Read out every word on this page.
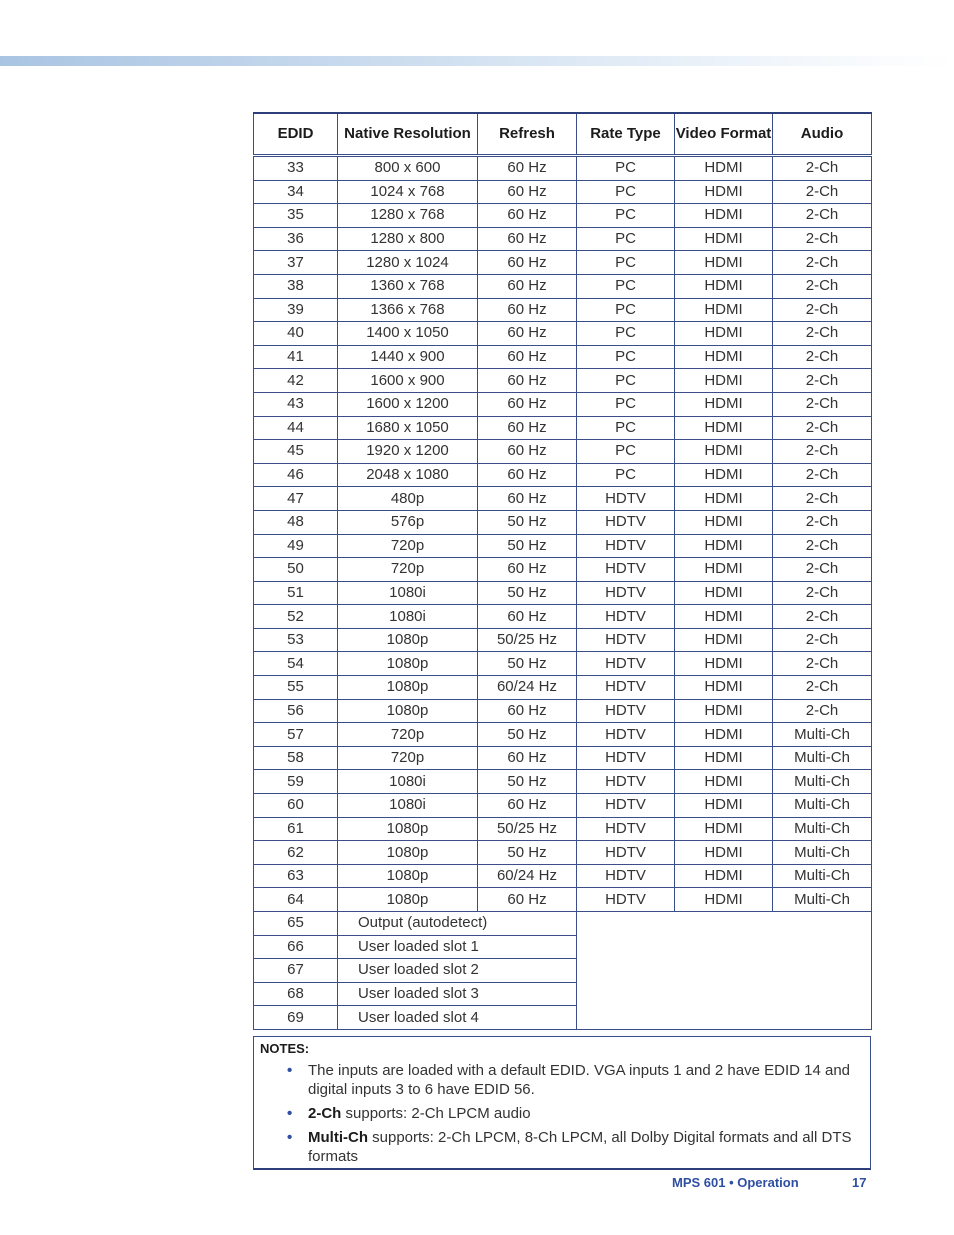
EDID	Native Resolution	Refresh	Rate Type	Video Format	Audio
33	800 x 600	60 Hz	PC	HDMI	2-Ch
34	1024 x 768	60 Hz	PC	HDMI	2-Ch
35	1280 x 768	60 Hz	PC	HDMI	2-Ch
36	1280 x 800	60 Hz	PC	HDMI	2-Ch
37	1280 x 1024	60 Hz	PC	HDMI	2-Ch
38	1360 x 768	60 Hz	PC	HDMI	2-Ch
39	1366 x 768	60 Hz	PC	HDMI	2-Ch
40	1400 x 1050	60 Hz	PC	HDMI	2-Ch
41	1440 x 900	60 Hz	PC	HDMI	2-Ch
42	1600 x 900	60 Hz	PC	HDMI	2-Ch
43	1600 x 1200	60 Hz	PC	HDMI	2-Ch
44	1680 x 1050	60 Hz	PC	HDMI	2-Ch
45	1920 x 1200	60 Hz	PC	HDMI	2-Ch
46	2048 x 1080	60 Hz	PC	HDMI	2-Ch
47	480p	60 Hz	HDTV	HDMI	2-Ch
48	576p	50 Hz	HDTV	HDMI	2-Ch
49	720p	50 Hz	HDTV	HDMI	2-Ch
50	720p	60 Hz	HDTV	HDMI	2-Ch
51	1080i	50 Hz	HDTV	HDMI	2-Ch
52	1080i	60 Hz	HDTV	HDMI	2-Ch
53	1080p	50/25 Hz	HDTV	HDMI	2-Ch
54	1080p	50 Hz	HDTV	HDMI	2-Ch
55	1080p	60/24 Hz	HDTV	HDMI	2-Ch
56	1080p	60 Hz	HDTV	HDMI	2-Ch
57	720p	50 Hz	HDTV	HDMI	Multi-Ch
58	720p	60 Hz	HDTV	HDMI	Multi-Ch
59	1080i	50 Hz	HDTV	HDMI	Multi-Ch
60	1080i	60 Hz	HDTV	HDMI	Multi-Ch
61	1080p	50/25 Hz	HDTV	HDMI	Multi-Ch
62	1080p	50 Hz	HDTV	HDMI	Multi-Ch
63	1080p	60/24 Hz	HDTV	HDMI	Multi-Ch
64	1080p	60 Hz	HDTV	HDMI	Multi-Ch
65	Output (autodetect)				
66	User loaded slot 1				
67	User loaded slot 2				
68	User loaded slot 3				
69	User loaded slot 4				
NOTES:
• The inputs are loaded with a default EDID. VGA inputs 1 and 2 have EDID 14 and digital inputs 3 to 6 have EDID 56.
• 2-Ch supports: 2-Ch LPCM audio
• Multi-Ch supports: 2-Ch LPCM, 8-Ch LPCM, all Dolby Digital formats and all DTS formats
MPS 601 • Operation	17
